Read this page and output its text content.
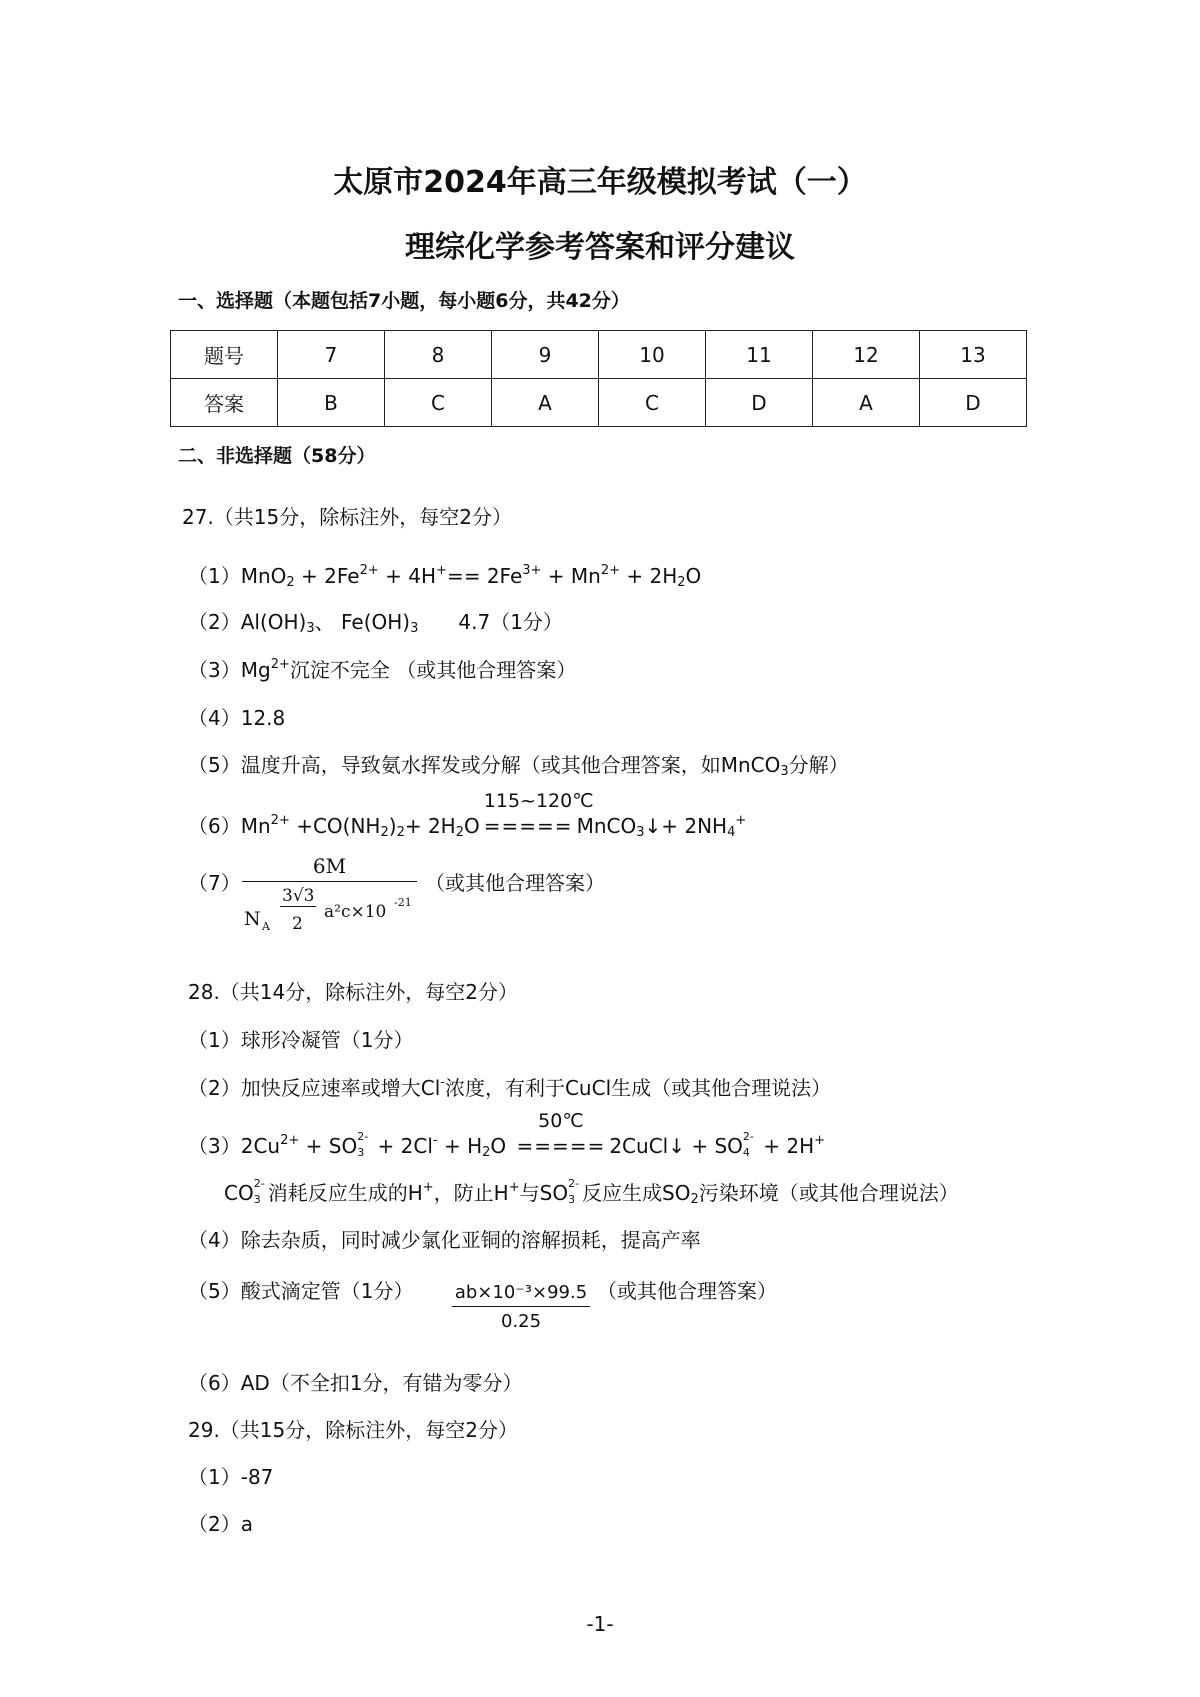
太原市2024年高三年级模拟考试（一）
理综化学参考答案和评分建议
一、选择题（本题包括7小题，每小题6分，共42分）
题号	7	8	9	10	11	12	13
答案	B	C	A	C	D	A	D
二、非选择题（58分）
27.（共15分，除标注外，每空2分）
$(1)MnO_2 + 2Fe^{2+} + 4H^+== 2Fe^{3+} + Mn^{2+} + 2H_2O$
$(2)Al(OH)_3$、 $Fe(OH)_3$ 4.7（1分）
$(3)Mg^{2+}$沉淀不完全 （或其他合理答案）
（4）12.8
（5）温度升高，导致氨水挥发或分解（或其他合理答案，如MnCO$_3$分解）
$(6)Mn^{2+} +CO(NH_2)_2+ 2H_2O$
115~120℃
===== MnCO$_3$↓+ $2NH_4^+$
（7） 6M
N A
3√3
2
a²c×10 -21 （或其他合理答案）
28.（共14分，除标注外，每空2分）
（1）球形冷凝管（1分）
（2）加快反应速率或增大Cl-浓度，有利于CuCl生成（或其他合理说法）
$(3)2Cu^{2+}$ + SO 2-
$3 + 2Cl^- + H_2O$
50℃
===== 2CuCl↓ + SO 2-
4 + 2H+
CO 2-
3 消耗反应生成的H+，防止H+与SO 2-
3 反应生成$SO_2$污染环境（或其他合理说法）
（4）除去杂质，同时减少氯化亚铜的溶解损耗，提高产率
（5）酸式滴定管（1分） $\frac{\text{ab×10⁻³×99.5}}{0.25}$ （或其他合理答案）
（6）AD（不全扣1分，有错为零分）
29.（共15分，除标注外，每空2分）
（1）-87
（2）a
-1-
